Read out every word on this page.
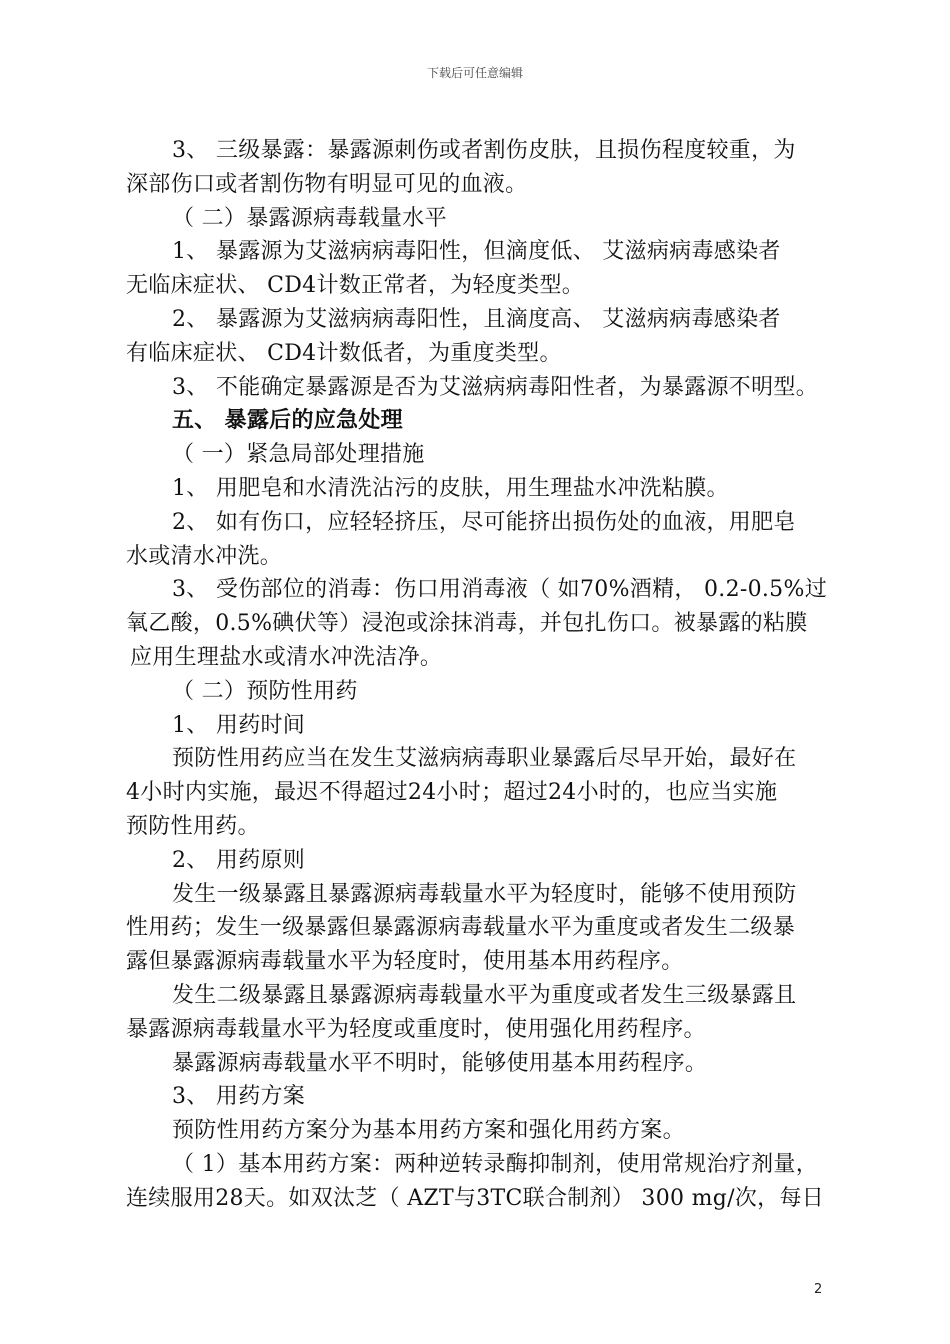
下载后可任意编辑
3、 三级暴露：暴露源刺伤或者割伤皮肤，且损伤程度较重，为
深部伤口或者割伤物有明显可见的血液。
（ 二）暴露源病毒载量水平
1、 暴露源为艾滋病病毒阳性，但滴度低、 艾滋病病毒感染者
无临床症状、 CD4计数正常者，为轻度类型。
2、 暴露源为艾滋病病毒阳性，且滴度高、 艾滋病病毒感染者
有临床症状、 CD4计数低者，为重度类型。
3、 不能确定暴露源是否为艾滋病病毒阳性者，为暴露源不明型。
五、 暴露后的应急处理
（ 一）紧急局部处理措施
1、 用肥皂和水清洗沾污的皮肤，用生理盐水冲洗粘膜。
2、 如有伤口，应轻轻挤压，尽可能挤出损伤处的血液，用肥皂
水或清水冲洗。
3、 受伤部位的消毒：伤口用消毒液（ 如70%酒精， 0.2-0.5%过
氧乙酸，0.5%碘伏等）浸泡或涂抹消毒，并包扎伤口。被暴露的粘膜
应用生理盐水或清水冲洗洁净。
（ 二）预防性用药
1、 用药时间
预防性用药应当在发生艾滋病病毒职业暴露后尽早开始，最好在
4小时内实施，最迟不得超过24小时；超过24小时的，也应当实施
预防性用药。
2、 用药原则
发生一级暴露且暴露源病毒载量水平为轻度时，能够不使用预防
性用药；发生一级暴露但暴露源病毒载量水平为重度或者发生二级暴
露但暴露源病毒载量水平为轻度时，使用基本用药程序。
发生二级暴露且暴露源病毒载量水平为重度或者发生三级暴露且
暴露源病毒载量水平为轻度或重度时，使用强化用药程序。
暴露源病毒载量水平不明时，能够使用基本用药程序。
3、 用药方案
预防性用药方案分为基本用药方案和强化用药方案。
（ 1）基本用药方案：两种逆转录酶抑制剂，使用常规治疗剂量，
连续服用28天。如双汰芝（ AZT与3TC联合制剂） 300 mg/次，每日
2
